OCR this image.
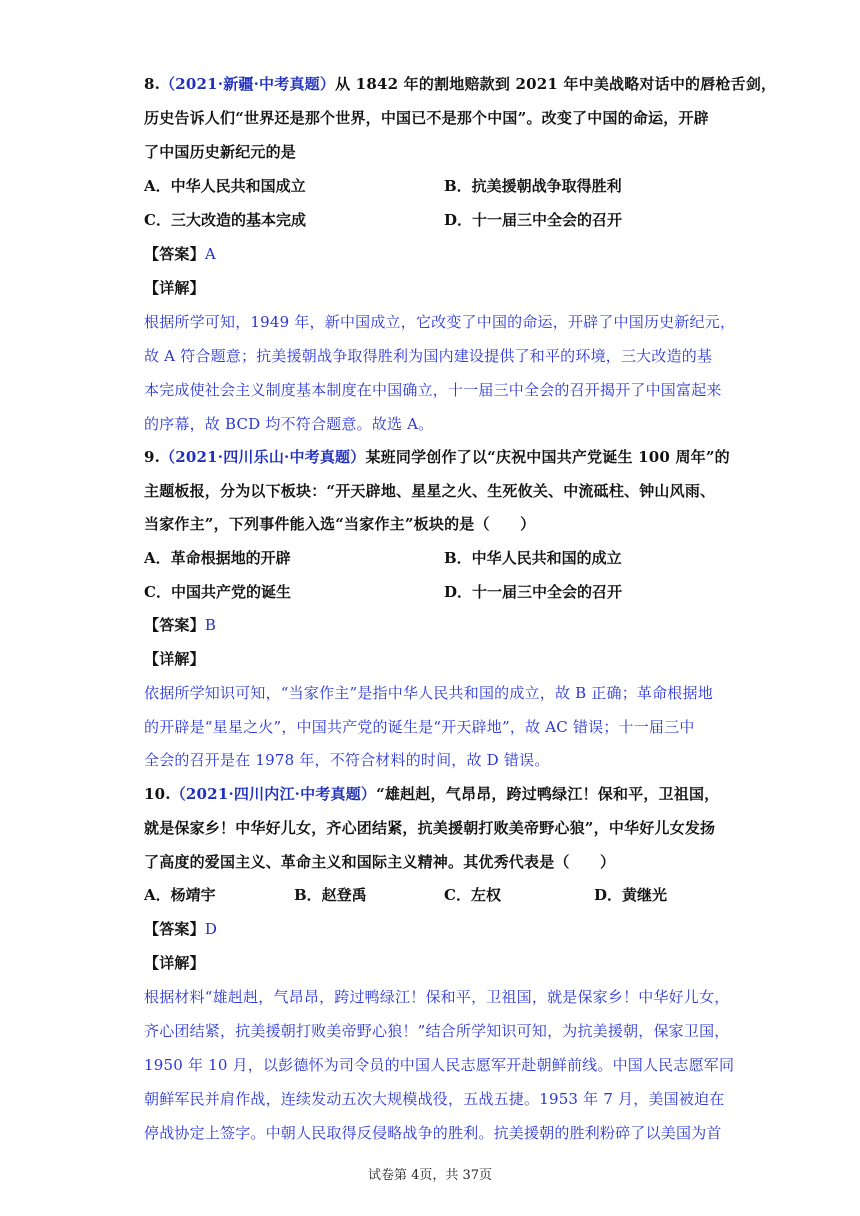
8.（2021·新疆·中考真题）从 1842 年的割地赔款到 2021 年中美战略对话中的唇枪舌剑，
历史告诉人们“世界还是那个世界，中国已不是那个中国”。改变了中国的命运，开辟
了中国历史新纪元的是
A．中华人民共和国成立	B．抗美援朝战争取得胜利
C．三大改造的基本完成	D．十一届三中全会的召开
【答案】A
【详解】
根据所学可知，1949 年，新中国成立，它改变了中国的命运，开辟了中国历史新纪元，
故 A 符合题意；抗美援朝战争取得胜利为国内建设提供了和平的环境，三大改造的基
本完成使社会主义制度基本制度在中国确立，十一届三中全会的召开揭开了中国富起来
的序幕，故 BCD 均不符合题意。故选 A。
9.（2021·四川乐山·中考真题）某班同学创作了以“庆祝中国共产党诞生 100 周年”的
主题板报，分为以下板块：“开天辟地、星星之火、生死攸关、中流砥柱、钟山风雨、
当家作主”，下列事件能入选“当家作主”板块的是（　　）
A．革命根据地的开辟	B．中华人民共和国的成立
C．中国共产党的诞生	D．十一届三中全会的召开
【答案】B
【详解】
依据所学知识可知，“当家作主”是指中华人民共和国的成立，故 B 正确；革命根据地
的开辟是“星星之火”，中国共产党的诞生是“开天辟地”，故 AC 错误；十一届三中
全会的召开是在 1978 年，不符合材料的时间，故 D 错误。
10.（2021·四川内江·中考真题）“雄赳赳，气昂昂，跨过鸭绿江！保和平，卫祖国，
就是保家乡！中华好儿女，齐心团结紧，抗美援朝打败美帝野心狼”，中华好儿女发扬
了高度的爱国主义、革命主义和国际主义精神。其优秀代表是（　　）
A．杨靖宇	B．赵登禹	C．左权	D．黄继光
【答案】D
【详解】
根据材料“雄赳赳，气昂昂，跨过鸭绿江！保和平，卫祖国，就是保家乡！中华好儿女，
齐心团结紧，抗美援朝打败美帝野心狼！”结合所学知识可知，为抗美援朝，保家卫国，
1950 年 10 月，以彭德怀为司令员的中国人民志愿军开赴朝鲜前线。中国人民志愿军同
朝鲜军民并肩作战，连续发动五次大规模战役，五战五捷。1953 年 7 月，美国被迫在
停战协定上签字。中朝人民取得反侵略战争的胜利。抗美援朝的胜利粉碎了以美国为首
试卷第 4页，共 37页
